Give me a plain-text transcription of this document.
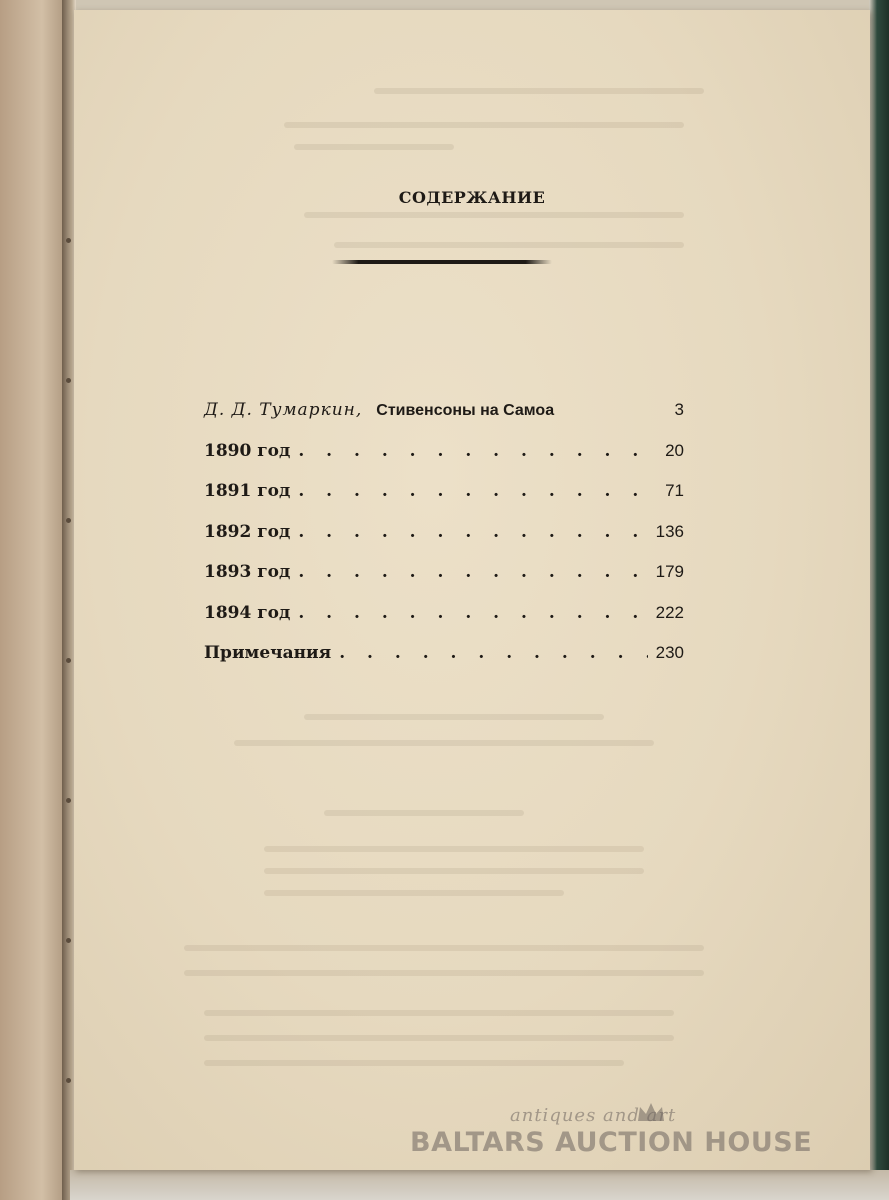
СОДЕРЖАНИЕ
Д. Д. Тумаркин, Стивенсоны на Самоа	3
1890 год . . .	20
1891 год . . .	71
1892 год . . .	136
1893 год . . .	179
1894 год . . .	222
Примечания . . .	230
antiques and art
BALTARS AUCTION HOUSE
